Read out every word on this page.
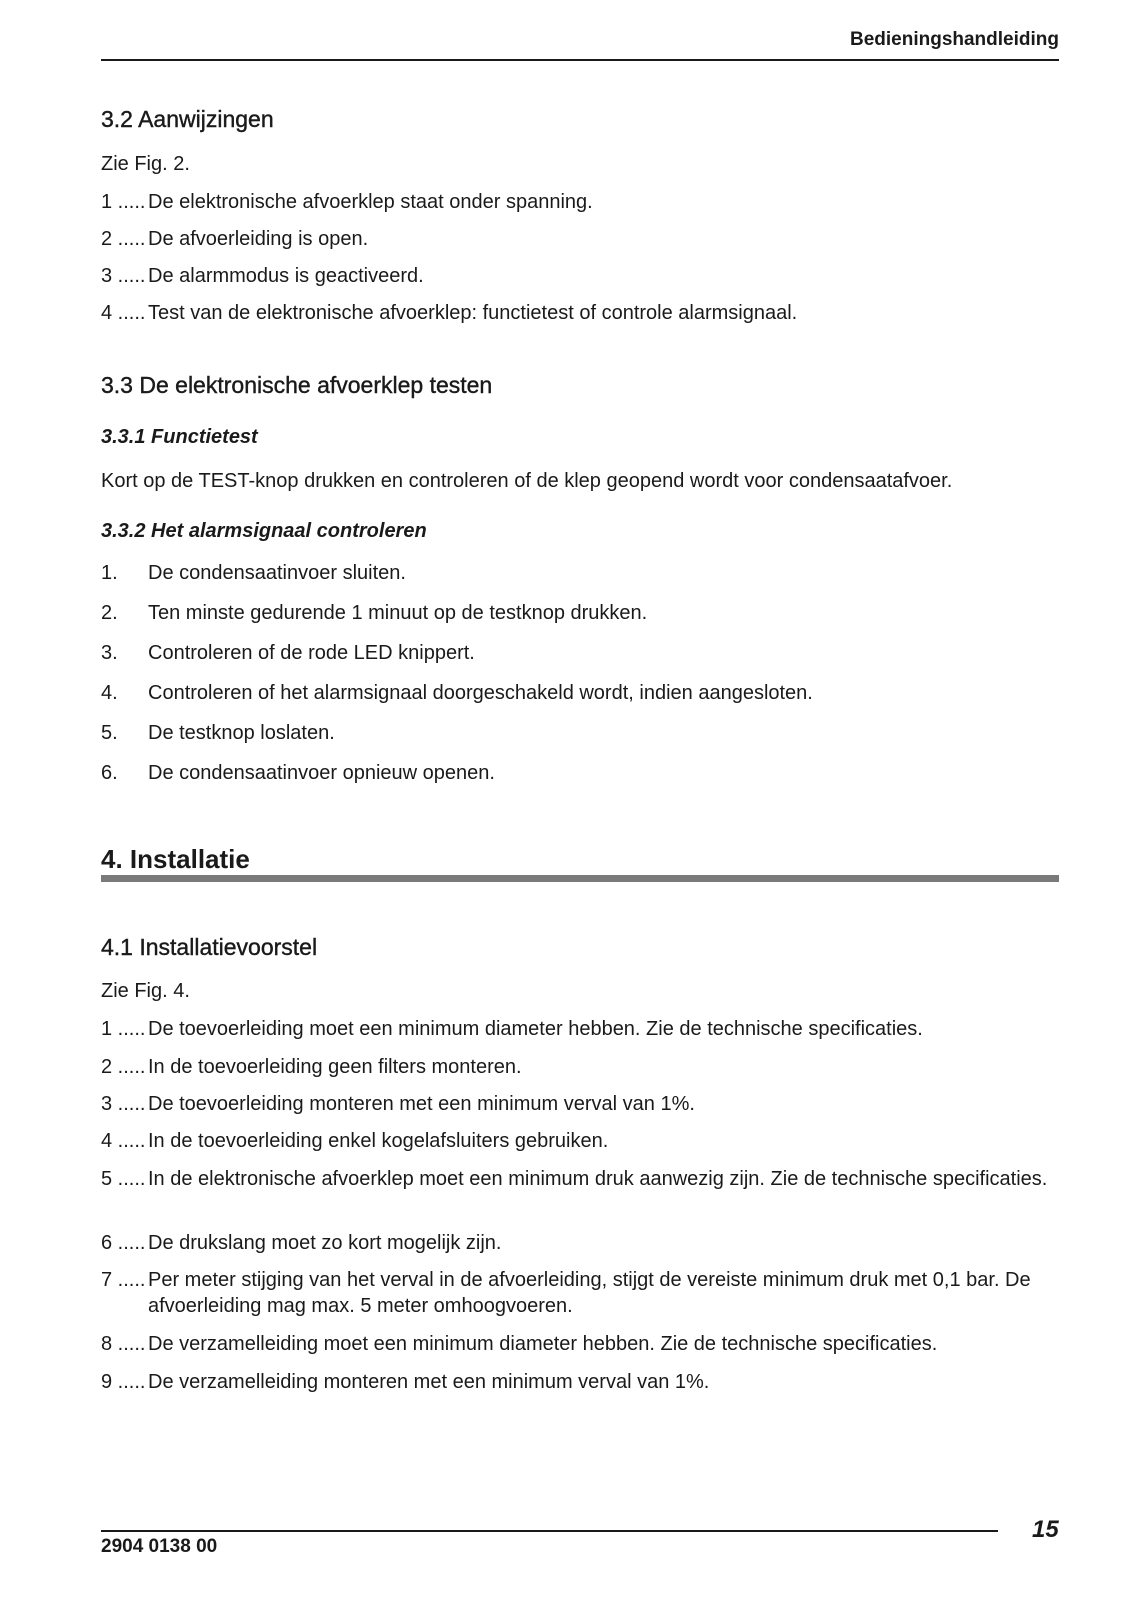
Bedieningshandleiding
3.2 Aanwijzingen

Zie Fig. 2.

1 ..... De elektronische afvoerklep staat onder spanning.
2 ..... De afvoerleiding is open.
3 ..... De alarmmodus is geactiveerd.
4 ..... Test van de elektronische afvoerklep: functietest of controle alarmsignaal.
3.3 De elektronische afvoerklep testen
3.3.1 Functietest

Kort op de TEST-knop drukken en controleren of de klep geopend wordt voor condensaatafvoer.

3.3.2 Het alarmsignaal controleren
1. De condensaatinvoer sluiten.
2. Ten minste gedurende 1 minuut op de testknop drukken.
3. Controleren of de rode LED knippert.
4. Controleren of het alarmsignaal doorgeschakeld wordt, indien aangesloten.
5. De testknop loslaten.
6. De condensaatinvoer opnieuw openen.
4. Installatie
4.1 Installatievoorstel

Zie Fig. 4.

1 ..... De toevoerleiding moet een minimum diameter hebben. Zie de technische specificaties.
2 ..... In de toevoerleiding geen filters monteren.
3 ..... De toevoerleiding monteren met een minimum verval van 1%.
4 ..... In de toevoerleiding enkel kogelafsluiters gebruiken.
5 ..... In de elektronische afvoerklep moet een minimum druk aanwezig zijn. Zie de technische specificaties.
6 ..... De drukslang moet zo kort mogelijk zijn.
7 ..... Per meter stijging van het verval in de afvoerleiding, stijgt de vereiste minimum druk met 0,1 bar. De afvoerleiding mag max. 5 meter omhoogvoeren.
8 ..... De verzamelleiding moet een minimum diameter hebben. Zie de technische specificaties.
9 ..... De verzamelleiding monteren met een minimum verval van 1%.
2904 0138 00
15
